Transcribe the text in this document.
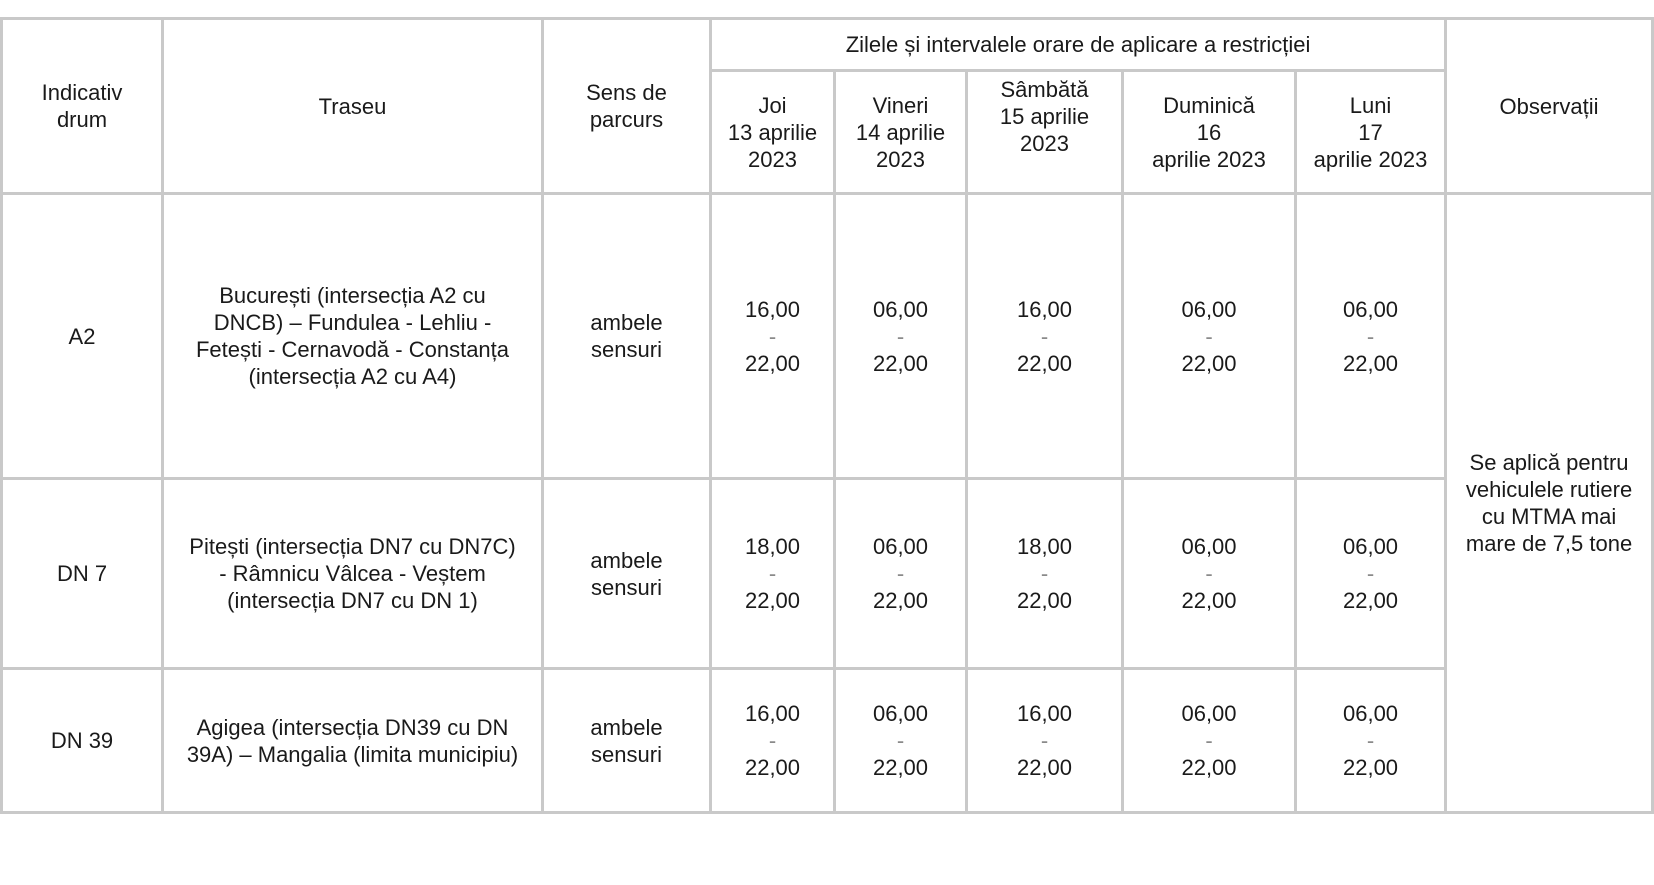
Indicativ
drum	Traseu	Sens de
parcurs	Zilele și intervalele orare de aplicare a restricției					Observații

			Joi
13 aprilie
2023	Vineri
14 aprilie
2023	Sâmbătă
15 aprilie
2023	Duminică
16
aprilie 2023	Luni
17
aprilie 2023	

A2	București (intersecția A2 cu
DNCB) – Fundulea - Lehliu -
Fetești - Cernavodă - Constanța
(intersecția A2 cu A4)	ambele
sensuri	16,00
-
22,00	06,00
-
22,00	16,00
-
22,00	06,00
-
22,00	06,00
-
22,00	Se aplică pentru
vehiculele rutiere
cu MTMA mai
mare de 7,5 tone

DN 7	Pitești (intersecția DN7 cu DN7C)
- Râmnicu Vâlcea - Veștem
(intersecția DN7 cu DN 1)	ambele
sensuri	18,00
-
22,00	06,00
-
22,00	18,00
-
22,00	06,00
-
22,00	06,00
-
22,00	

DN 39	Agigea (intersecția DN39 cu DN
39A) – Mangalia (limita municipiu)	ambele
sensuri	16,00
-
22,00	06,00
-
22,00	16,00
-
22,00	06,00
-
22,00	06,00
-
22,00	
